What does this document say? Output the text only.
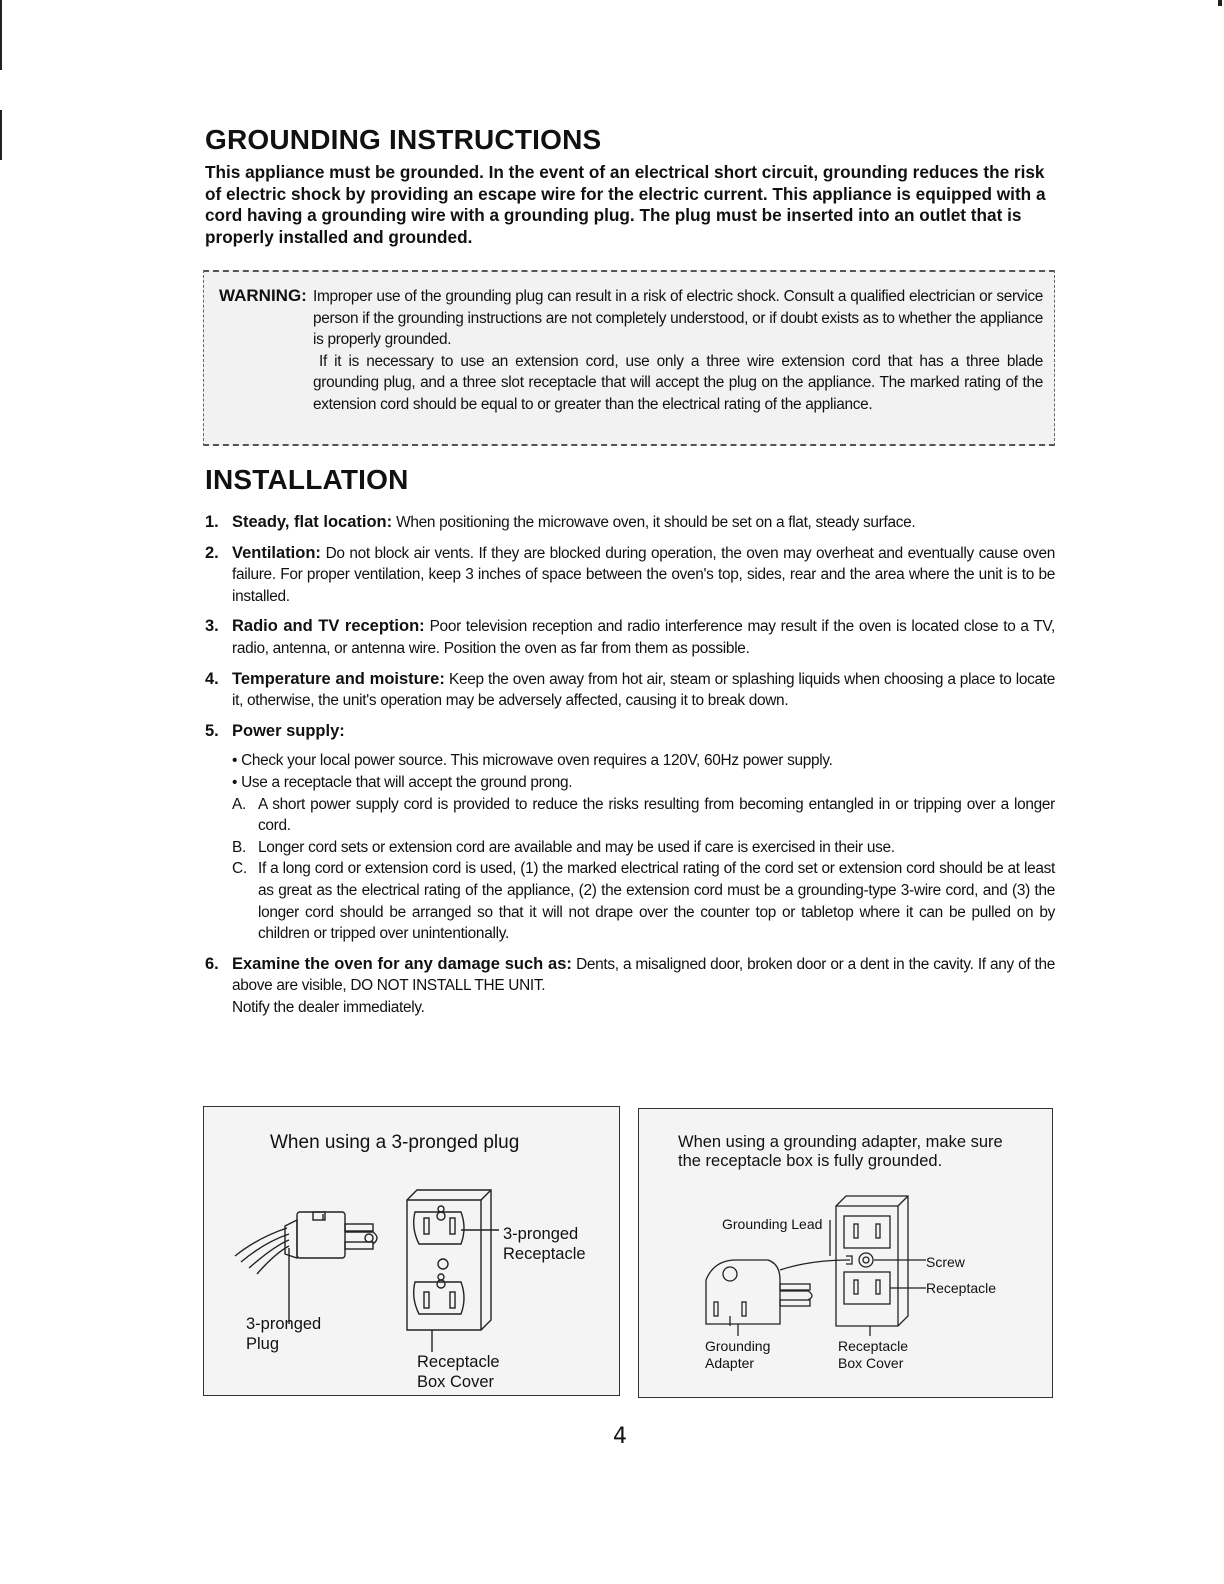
GROUNDING INSTRUCTIONS
This appliance must be grounded. In the event of an electrical short circuit, grounding reduces the risk of electric shock by providing an escape wire for the electric current. This appliance is equipped with a cord having a grounding wire with a grounding plug. The plug must be inserted into an outlet that is properly installed and grounded.
WARNING: Improper use of the grounding plug can result in a risk of electric shock. Consult a qualified electrician or service person if the grounding instructions are not completely understood, or if doubt exists as to whether the appliance is properly grounded.

If it is necessary to use an extension cord, use only a three wire extension cord that has a three blade grounding plug, and a three slot receptacle that will accept the plug on the appliance. The marked rating of the extension cord should be equal to or greater than the electrical rating of the appliance.

INSTALLATION
1. Steady, flat location: When positioning the microwave oven, it should be set on a flat, steady surface.
2. Ventilation: Do not block air vents. If they are blocked during operation, the oven may overheat and eventually cause oven failure. For proper ventilation, keep 3 inches of space between the oven's top, sides, rear and the area where the unit is to be installed.
3. Radio and TV reception: Poor television reception and radio interference may result if the oven is located close to a TV, radio, antenna, or antenna wire. Position the oven as far from them as possible.
4. Temperature and moisture: Keep the oven away from hot air, steam or splashing liquids when choosing a place to locate it, otherwise, the unit's operation may be adversely affected, causing it to break down.
5. Power supply:

• Check your local power source. This microwave oven requires a 120V, 60Hz power supply.

• Use a receptacle that will accept the ground prong.

A. A short power supply cord is provided to reduce the risks resulting from becoming entangled in or tripping over a longer cord.

B. Longer cord sets or extension cord are available and may be used if care is exercised in their use.

C. If a long cord or extension cord is used, (1) the marked electrical rating of the cord set or extension cord should be at least as great as the electrical rating of the appliance, (2) the extension cord must be a grounding-type 3-wire cord, and (3) the longer cord should be arranged so that it will not drape over the counter top or tabletop where it can be pulled on by children or tripped over unintentionally.

6. Examine the oven for any damage such as: Dents, a misaligned door, broken door or a dent in the cavity. If any of the above are visible, DO NOT INSTALL THE UNIT.
Notify the dealer immediately.
When using a 3-pronged plug
3-pronged
Receptacle
3-pronged
Plug
Receptacle
Box Cover
When using a grounding adapter, make sure the receptacle box is fully grounded.
Grounding Lead
Screw
Receptacle
Grounding
Adapter
Receptacle
Box Cover
4
